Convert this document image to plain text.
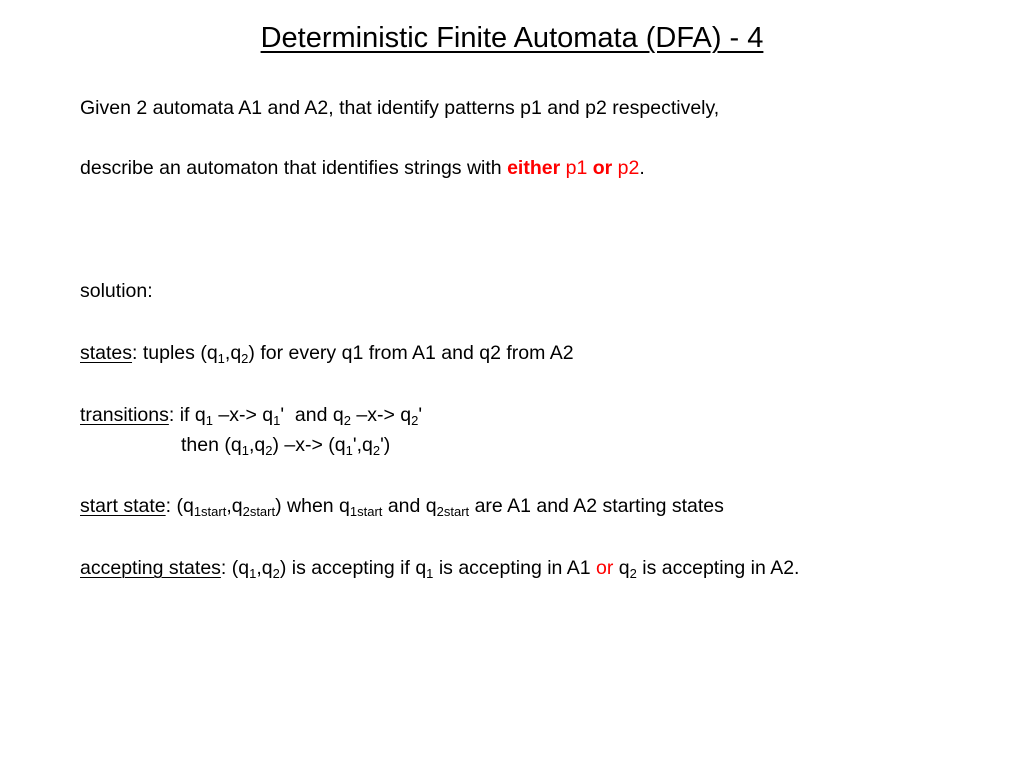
Deterministic Finite Automata (DFA) - 4
Given 2 automata A1 and A2, that identify patterns p1 and p2 respectively,
describe an automaton that identifies strings with either p1 or p2.
solution:
states: tuples $(q_1,q_2)$ for every q1 from A1 and q2 from A2
transitions: if $q_1$ $-x-> q_1'$  and $q_2$ $-x-> q_2'$
then $(q_1,q_2)$ $-x-> (q_1',q_2')$
start state: $(q_{1start},q_{2start})$ when $q_{1start}$ and $q_{2start}$ are A1 and A2 starting states
accepting states: $(q_1,q_2)$ is accepting if $q_1$ is accepting in A1 or $q_2$ is accepting in A2.
